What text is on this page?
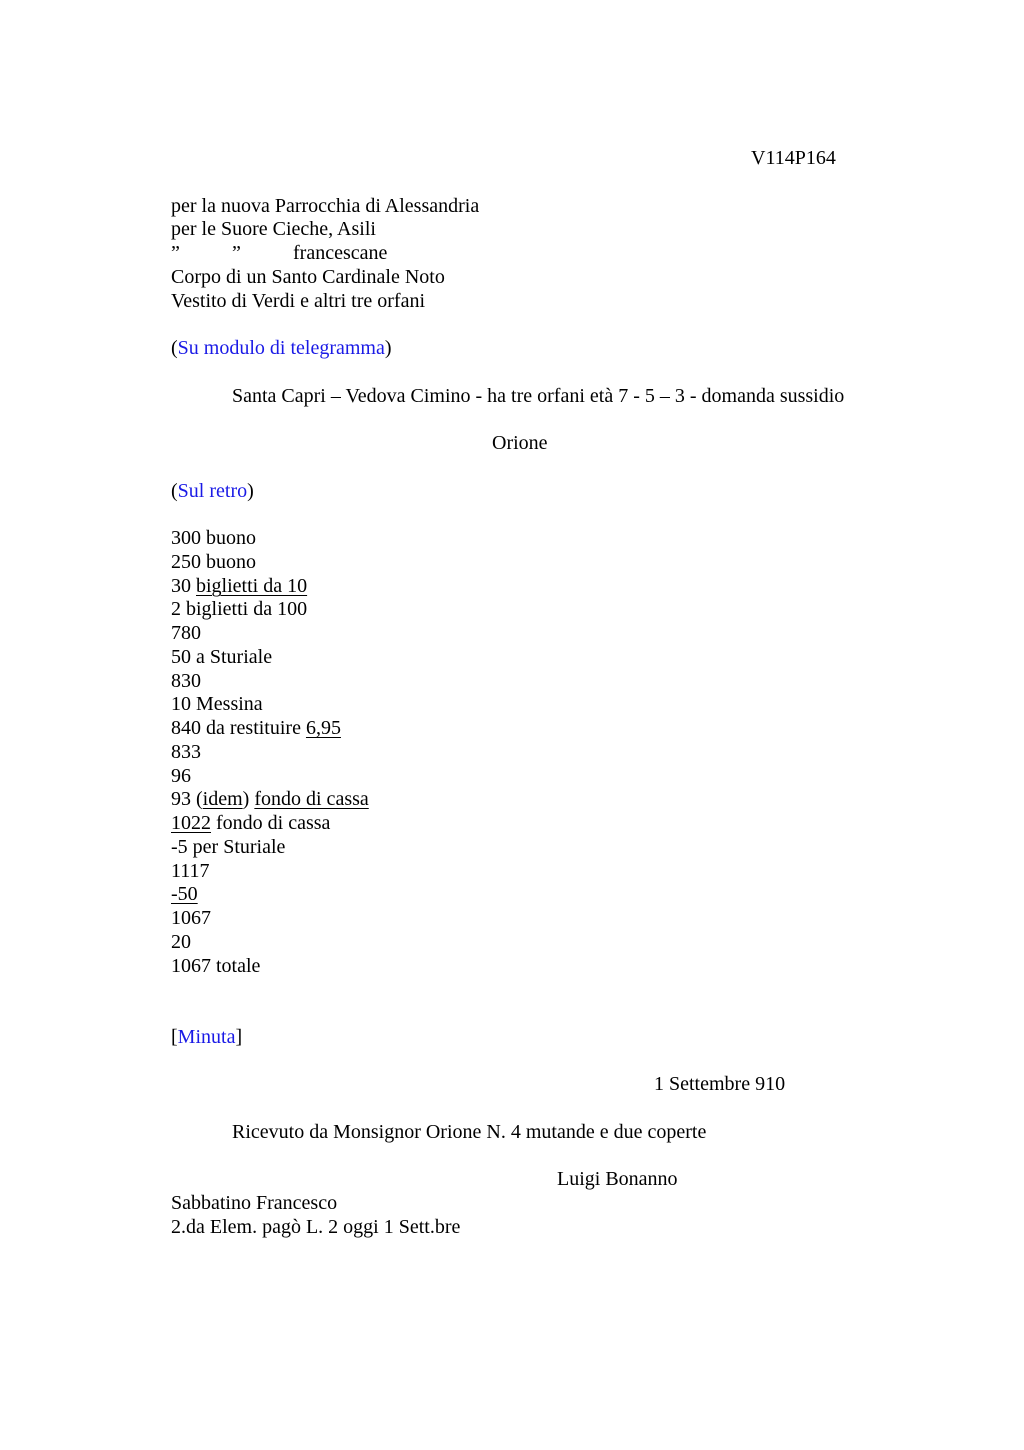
V114P164
per la nuova Parrocchia di Alessandria
per le Suore Cieche, Asili
”	”	francescane
Corpo di un Santo Cardinale Noto
Vestito di Verdi e altri tre orfani
(Su modulo di telegramma)
Santa Capri – Vedova Cimino - ha tre orfani età 7 - 5 – 3 - domanda sussidio
Orione
(Sul retro)
300 buono
250 buono
30 biglietti da 10
2 biglietti da 100
780
50 a Sturiale
830
10 Messina
840 da restituire 6,95
833
96
93 (idem) fondo di cassa
1022 fondo di cassa
-5 per Sturiale
1117
-50
1067
20
1067 totale
[Minuta]
1 Settembre 910
Ricevuto da Monsignor Orione N. 4 mutande e due coperte
Luigi Bonanno
Sabbatino Francesco
2.da Elem. pagò L. 2 oggi 1 Sett.bre
